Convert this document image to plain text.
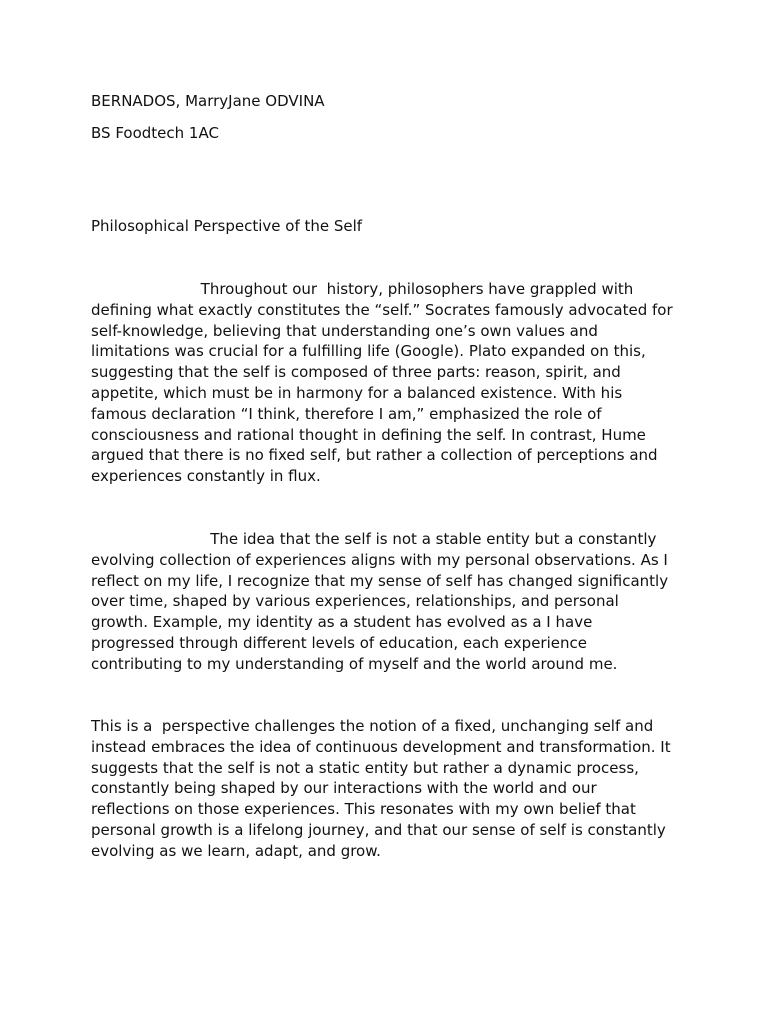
BERNADOS, MarryJane ODVINA

BS Foodtech 1AC

Philosophical Perspective of the Self

Throughout our  history, philosophers have grappled with
defining what exactly constitutes the “self.” Socrates famously advocated for
self-knowledge, believing that understanding one’s own values and
limitations was crucial for a fulfilling life (Google). Plato expanded on this,
suggesting that the self is composed of three parts: reason, spirit, and
appetite, which must be in harmony for a balanced existence. With his
famous declaration “I think, therefore I am,” emphasized the role of
consciousness and rational thought in defining the self. In contrast, Hume
argued that there is no fixed self, but rather a collection of perceptions and
experiences constantly in flux.
The idea that the self is not a stable entity but a constantly
evolving collection of experiences aligns with my personal observations. As I
reflect on my life, I recognize that my sense of self has changed significantly
over time, shaped by various experiences, relationships, and personal
growth. Example, my identity as a student has evolved as a I have
progressed through different levels of education, each experience
contributing to my understanding of myself and the world around me.
This is a  perspective challenges the notion of a fixed, unchanging self and
instead embraces the idea of continuous development and transformation. It
suggests that the self is not a static entity but rather a dynamic process,
constantly being shaped by our interactions with the world and our
reflections on those experiences. This resonates with my own belief that
personal growth is a lifelong journey, and that our sense of self is constantly
evolving as we learn, adapt, and grow.
